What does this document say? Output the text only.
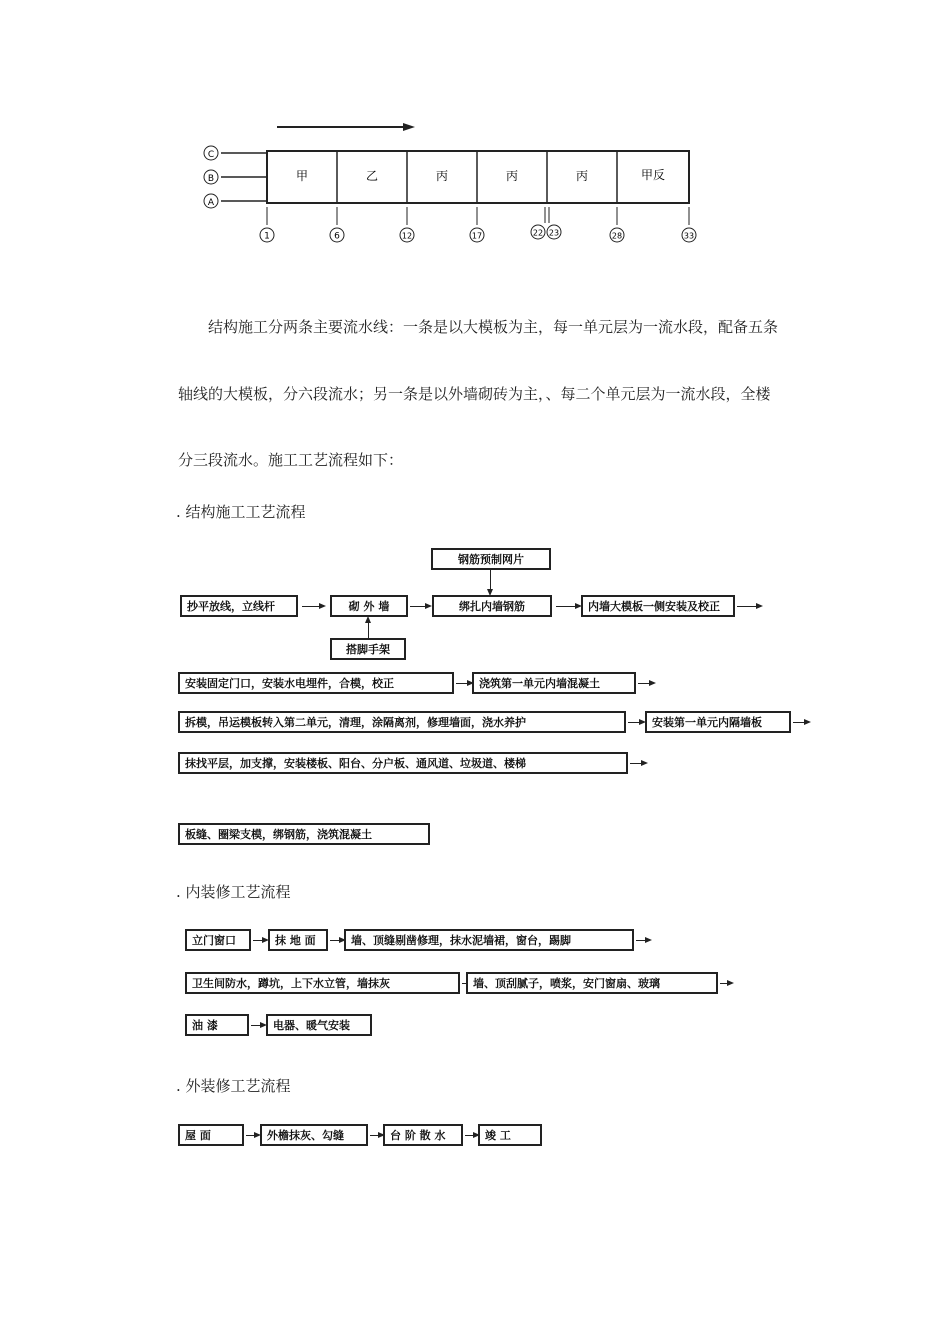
C
B
A
甲	乙	丙	丙	丙	甲反
1	6	12	17	22 23	28	33
结构施工分两条主要流水线：一条是以大模板为主，每一单元层为一流水段，配备五条
轴线的大模板，分六段流水；另一条是以外墙砌砖为主，、每二个单元层为一流水段，全楼
分三段流水。施工工艺流程如下：
. 结构施工工艺流程
钢筋预制网片
抄平放线，立线杆	砌 外 墙	绑扎内墙钢筋	内墙大模板一侧安装及校正
搭脚手架
安装固定门口，安装水电埋件，合模，校正	浇筑第一单元内墙混凝土
拆模，吊运模板转入第二单元，清理，涂隔离剂，修理墙面，浇水养护	安装第一单元内隔墙板
抹找平层，加支撑，安装楼板、阳台、分户板、通风道、垃圾道、楼梯
板缝、圈梁支模，绑钢筋，浇筑混凝土
. 内装修工艺流程
立门窗口	抹 地 面	墙、顶缝剔凿修理，抹水泥墙裙，窗台，踢脚
卫生间防水，蹲坑，上下水立管，墙抹灰	墙、顶刮腻子，喷浆，安门窗扇、玻璃
油 漆	电器、暖气安装
. 外装修工艺流程
屋 面	外檐抹灰、勾缝	台 阶 散 水	竣 工
